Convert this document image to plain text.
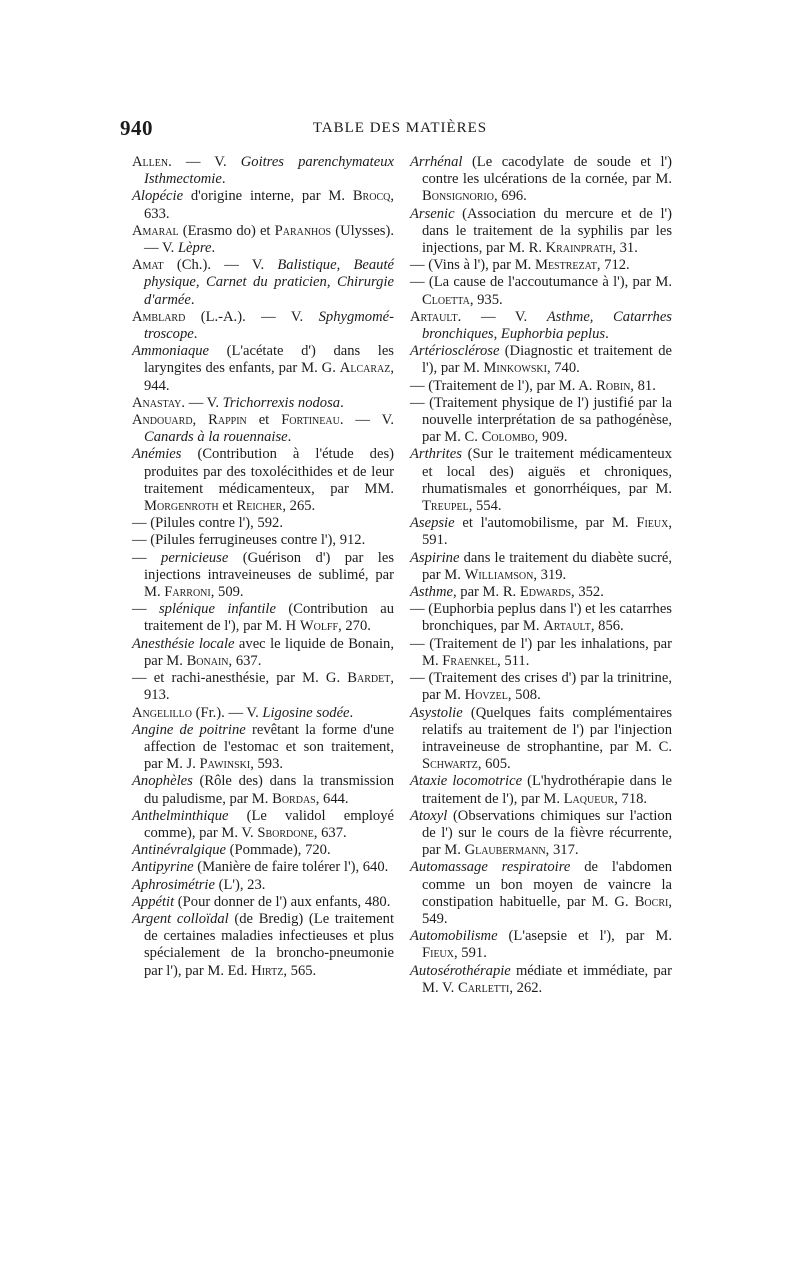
940	TABLE DES MATIÈRES

Allen. — V. Goitres parenchymateux Isthmectomie.

Alopécie d'origine interne, par M. Brocq, 633.

Amaral (Erasmo do) et Paranhos (Ulysses). — V. Lèpre.

Amat (Ch.). — V. Balistique, Beauté physique, Carnet du praticien, Chirurgie d'armée.

Amblard (L.-A.). — V. Sphygmométroscope.

Ammoniaque (L'acétate d') dans les laryngites des enfants, par M. G. Alcaraz, 944.

Anastay. — V. Trichorrexis nodosa.

Andouard, Rappin et Fortineau. — V. Canards à la rouennaise.

Anémies (Contribution à l'étude des) produites par des toxolécithides et de leur traitement médicamenteux, par MM. Morgenroth et Reicher, 265.

— (Pilules contre l'), 592.

— (Pilules ferrugineuses contre l'), 912.

— pernicieuse (Guérison d') par les injections intraveineuses de sublimé, par M. Farroni, 509.

— splénique infantile (Contribution au traitement de l'), par M. H Wolff, 270.

Anesthésie locale avec le liquide de Bonain, par M. Bonain, 637.

— et rachi-anesthésie, par M. G. Bardet, 913.

Angelillo (Fr.). — V. Ligosine sodée.

Angine de poitrine revêtant la forme d'une affection de l'estomac et son traitement, par M. J. Pawinski, 593.

Anophèles (Rôle des) dans la transmission du paludisme, par M. Bordas, 644.

Anthelminthique (Le validol employé comme), par M. V. Sbordone, 637.

Antinévralgique (Pommade), 720.

Antipyrine (Manière de faire tolérer l'), 640.

Aphrosimétrie (L'), 23.

Appétit (Pour donner de l') aux enfants, 480.

Argent colloïdal (de Bredig) (Le traitement de certaines maladies infectieuses et plus spécialement de la broncho-pneumonie par l'), par M. Ed. Hirtz, 565.

Arrhénal (Le cacodylate de soude et l') contre les ulcérations de la cornée, par M. Bonsignorio, 696.

Arsenic (Association du mercure et de l') dans le traitement de la syphilis par les injections, par M. R. Krainprath, 31.

— (Vins à l'), par M. Mestrezat, 712.

— (La cause de l'accoutumance à l'), par M. Cloetta, 935.

Artault. — V. Asthme, Catarrhes bronchiques, Euphorbia peplus.

Artériosclérose (Diagnostic et traitement de l'), par M. Minkowski, 740.

— (Traitement de l'), par M. A. Robin, 81.

— (Traitement physique de l') justifié par la nouvelle interprétation de sa pathogénèse, par M. C. Colombo, 909.

Arthrites (Sur le traitement médicamenteux et local des) aiguës et chroniques, rhumatismales et gonorrhéiques, par M. Treupel, 554.

Asepsie et l'automobilisme, par M. Fieux, 591.

Aspirine dans le traitement du diabète sucré, par M. Williamson, 319.

Asthme, par M. R. Edwards, 352.

— (Euphorbia peplus dans l') et les catarrhes bronchiques, par M. Artault, 856.

— (Traitement de l') par les inhalations, par M. Fraenkel, 511.

— (Traitement des crises d') par la trinitrine, par M. Hovzel, 508.

Asystolie (Quelques faits complémentaires relatifs au traitement de l') par l'injection intraveineuse de strophantine, par M. C. Schwartz, 605.

Ataxie locomotrice (L'hydrothérapie dans le traitement de l'), par M. Laqueur, 718.

Atoxyl (Observations chimiques sur l'action de l') sur le cours de la fièvre récurrente, par M. Glaubermann, 317.

Automassage respiratoire de l'abdomen comme un bon moyen de vaincre la constipation habituelle, par M. G. Bocri, 549.

Automobilisme (L'asepsie et l'), par M. Fieux, 591.

Autosérothérapie médiate et immédiate, par M. V. Carletti, 262.
